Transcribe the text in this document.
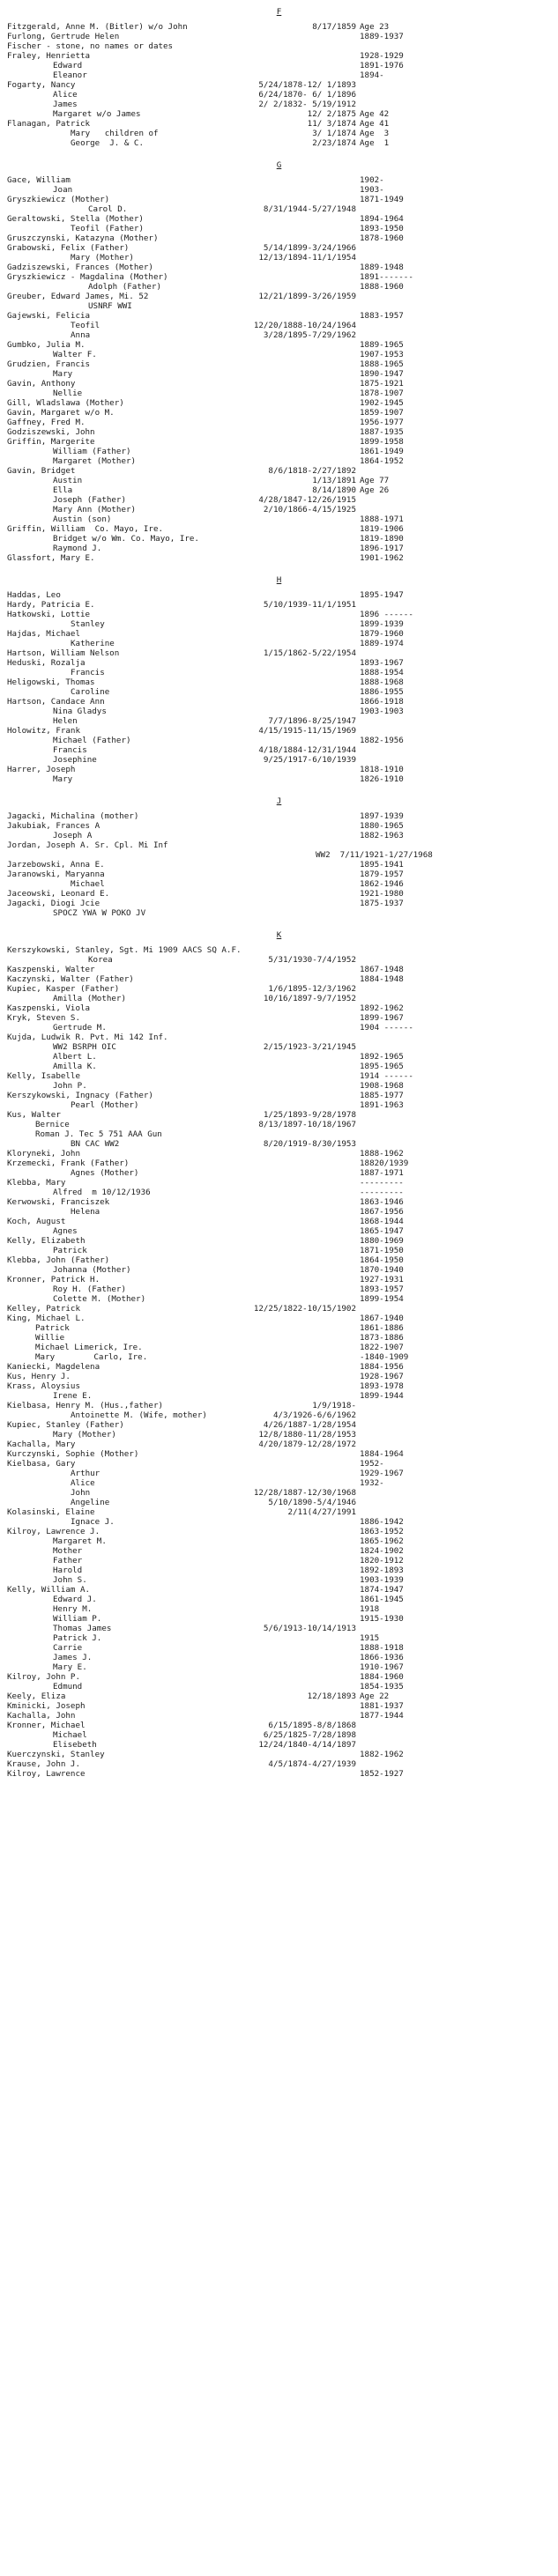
F
Fitzgerald, Anne M. (Bitler) w/o John	8/17/1859 Age 23
Furlong, Gertrude Helen	1889-1937
Fischer - stone, no names or dates
Fraley, Henrietta	1928-1929
Edward	1891-1976
Eleanor	1894-
Fogarty, Nancy	5/24/1878-12/ 1/1893
Alice	6/24/1870- 6/ 1/1896
James	2/ 2/1832- 5/19/1912
Margaret w/o James	12/ 2/1875 Age 42
Flanagan, Patrick	11/ 3/1874 Age 41
Mary   children of	3/ 1/1874 Age  3
George  J. & C.	2/23/1874 Age  1
G
Gace, William	1902-
Joan	1903-
Gryszkiewicz (Mother)	1871-1949
Carol D.	8/31/1944-5/27/1948
Geraltowski, Stella (Mother)	1894-1964
Teofil (Father)	1893-1950
Gruszczynski, Katazyna (Mother)	1878-1960
Grabowski, Felix (Father)	5/14/1899-3/24/1966
Mary (Mother)	12/13/1894-11/1/1954
Gadziszewski, Frances (Mother)	1889-1948
Gryszkiewicz - Magdalina (Mother)	1891-------
Adolph (Father)	1888-1960
Greuber, Edward James, Mi. 52	12/21/1899-3/26/1959
USNRF WWI
Gajewski, Felicia	1883-1957
Teofil	12/20/1888-10/24/1964
Anna	3/28/1895-7/29/1962
Gumbko, Julia M.	1889-1965
Walter F.	1907-1953
Grudzien, Francis	1888-1965
Mary	1890-1947
Gavin, Anthony	1875-1921
Nellie	1878-1907
Gill, Wladslawa (Mother)	1902-1945
Gavin, Margaret w/o M.	1859-1907
Gaffney, Fred M.	1956-1977
Godziszewski, John	1887-1935
Griffin, Margerite	1899-1958
William (Father)	1861-1949
Margaret (Mother)	1864-1952
Gavin, Bridget	8/6/1818-2/27/1892
Austin	1/13/1891 Age 77
Ella	8/14/1890 Age 26
Joseph (Father)	4/28/1847-12/26/1915
Mary Ann (Mother)	2/10/1866-4/15/1925
Austin (son)	1888-1971
Griffin, William  Co. Mayo, Ire.	1819-1906
Bridget w/o Wm. Co. Mayo, Ire.	1819-1890
Raymond J.	1896-1917
Glassfort, Mary E.	1901-1962
H
Haddas, Leo	1895-1947
Hardy, Patricia E.	5/10/1939-11/1/1951
Hatkowski, Lottie	1896 ------
Stanley	1899-1939
Hajdas, Michael	1879-1960
Katherine	1889-1974
Hartson, William Nelson	1/15/1862-5/22/1954
Heduski, Rozalja	1893-1967
Francis	1888-1954
Heligowski, Thomas	1888-1968
Caroline	1886-1955
Hartson, Candace Ann	1866-1918
Nina Gladys	1903-1903
Helen	7/7/1896-8/25/1947
Holowitz, Frank	4/15/1915-11/15/1969
Michael (Father)	1882-1956
Francis	4/18/1884-12/31/1944
Josephine	9/25/1917-6/10/1939
Harrer, Joseph	1818-1910
Mary	1826-1910
J
Jagacki, Michalina (mother)	1897-1939
Jakubiak, Frances A	1880-1965
Joseph A	1882-1963
Jordan, Joseph A. Sr. Cpl. Mi Inf
WW2  7/11/1921-1/27/1968
Jarzebowski, Anna E.	1895-1941
Jaranowski, Maryanna	1879-1957
Michael	1862-1946
Jaceowski, Leonard E.	1921-1980
Jagacki, Diogi Jcie	1875-1937
SPOCZ YWA W POKO JV
K
Kerszykowski, Stanley, Sgt. Mi 1909 AACS SQ A.F.
Korea	5/31/1930-7/4/1952
Kaszpenski, Walter	1867-1948
Kaczynski, Walter (Father)	1884-1948
Kupiec, Kasper (Father)	1/6/1895-12/3/1962
Amilla (Mother)	10/16/1897-9/7/1952
Kaszpenski, Viola	1892-1962
Kryk, Steven S.	1899-1967
Gertrude M.	1904 ------
Kujda, Ludwik R. Pvt. Mi 142 Inf.
WW2 BSRPH OIC	2/15/1923-3/21/1945
Albert L.	1892-1965
Amilla K.	1895-1965
Kelly, Isabelle	1914 ------
John P.	1908-1968
Kerszykowski, Ingnacy (Father)	1885-1977
Pearl (Mother)	1891-1963
Kus, Walter	1/25/1893-9/28/1978
Bernice	8/13/1897-10/18/1967
Roman J. Tec 5 751 AAA Gun
BN CAC WW2	8/20/1919-8/30/1953
Kloryneki, John	1888-1962
Krzemecki, Frank (Father)	18820/1939
Agnes (Mother)	1887-1971
Klebba, Mary	---------
Alfred  m 10/12/1936	---------
Kerwowski, Franciszek	1863-1946
Helena	1867-1956
Koch, August	1868-1944
Agnes	1865-1947
Kelly, Elizabeth	1880-1969
Patrick	1871-1950
Klebba, John (Father)	1864-1950
Johanna (Mother)	1870-1940
Kronner, Patrick H.	1927-1931
Roy H. (Father)	1893-1957
Colette M. (Mother)	1899-1954
Kelley, Patrick	12/25/1822-10/15/1902
King, Michael L.	1867-1940
Patrick	1861-1886
Willie	1873-1886
Michael Limerick, Ire.	1822-1907
Mary        Carlo, Ire.	-1840-1909
Kaniecki, Magdelena	1884-1956
Kus, Henry J.	1928-1967
Krass, Aloysius	1893-1978
Irene E.	1899-1944
Kielbasa, Henry M. (Hus.,father)	1/9/1918-
Antoinette M. (Wife, mother)	4/3/1926-6/6/1962
Kupiec, Stanley (Father)	4/26/1887-1/28/1954
Mary (Mother)	12/8/1880-11/28/1953
Kachalla, Mary	4/20/1879-12/28/1972
Kurczynski, Sophie (Mother)	1884-1964
Kielbasa, Gary	1952-
Arthur	1929-1967
Alice	1932-
John	12/28/1887-12/30/1968
Angeline	5/10/1890-5/4/1946
Kolasinski, Elaine	2/11(4/27/1991
Ignace J.	1886-1942
Kilroy, Lawrence J.	1863-1952
Margaret M.	1865-1962
Mother	1824-1902
Father	1820-1912
Harold	1892-1893
John S.	1903-1939
Kelly, William A.	1874-1947
Edward J.	1861-1945
Henry M.	1918
William P.	1915-1930
Thomas James	5/6/1913-10/14/1913
Patrick J.	1915
Carrie	1888-1918
James J.	1866-1936
Mary E.	1910-1967
Kilroy, John P.	1884-1960
Edmund	1854-1935
Keely, Eliza	12/18/1893 Age 22
Kminicki, Joseph	1881-1937
Kachalla, John	1877-1944
Kronner, Michael	6/15/1895-8/8/1868
Michael	6/25/1825-7/28/1898
Elisebeth	12/24/1840-4/14/1897
Kuerczynski, Stanley	1882-1962
Krause, John J.	4/5/1874-4/27/1939
Kilroy, Lawrence	1852-1927
